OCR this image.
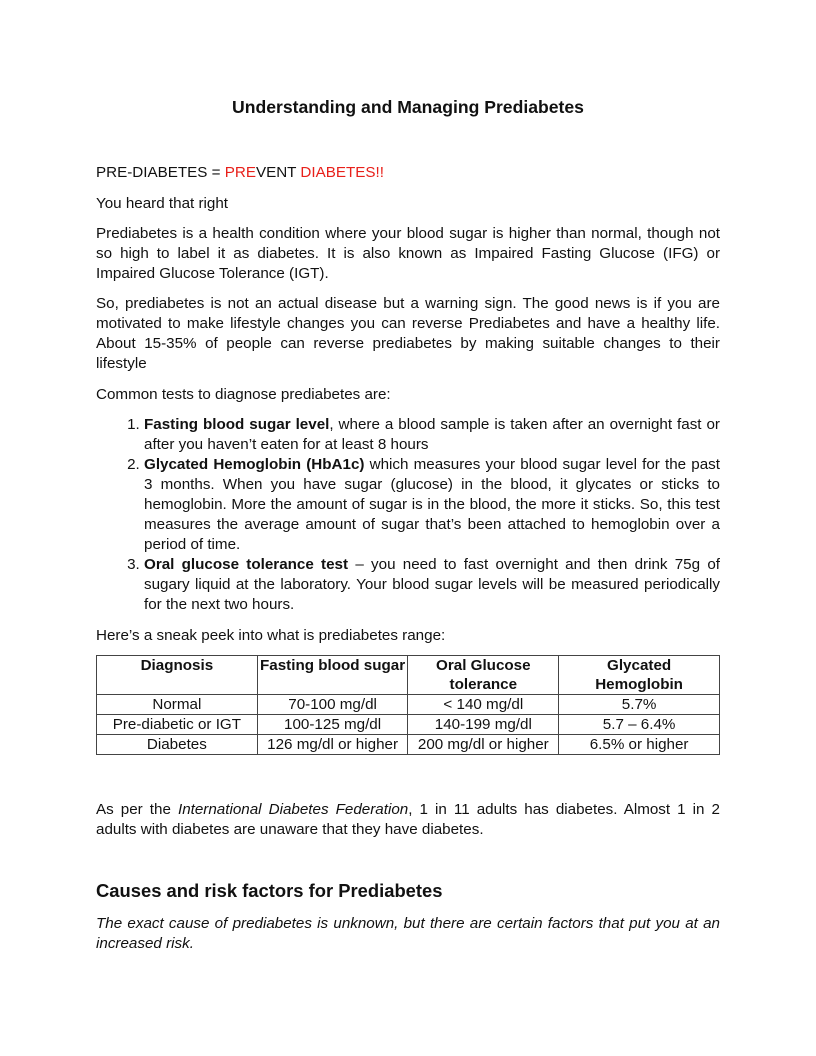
Understanding and Managing Prediabetes

PRE-DIABETES = PREVENT DIABETES!!

You heard that right

Prediabetes is a health condition where your blood sugar is higher than normal, though not so high to label it as diabetes. It is also known as Impaired Fasting Glucose (IFG) or Impaired Glucose Tolerance (IGT).

So, prediabetes is not an actual disease but a warning sign. The good news is if you are motivated to make lifestyle changes you can reverse Prediabetes and have a healthy life. About 15-35% of people can reverse prediabetes by making suitable changes to their lifestyle

Common tests to diagnose prediabetes are:

1. Fasting blood sugar level, where a blood sample is taken after an overnight fast or after you haven’t eaten for at least 8 hours
2. Glycated Hemoglobin (HbA1c) which measures your blood sugar level for the past 3 months. When you have sugar (glucose) in the blood, it glycates or sticks to hemoglobin. More the amount of sugar is in the blood, the more it sticks. So, this test measures the average amount of sugar that’s been attached to hemoglobin over a period of time.
3. Oral glucose tolerance test – you need to fast overnight and then drink 75g of sugary liquid at the laboratory. Your blood sugar levels will be measured periodically for the next two hours.

Here’s a sneak peek into what is prediabetes range:

Diagnosis	Fasting blood sugar	Oral Glucose tolerance	Glycated Hemoglobin
Normal	70-100 mg/dl	< 140 mg/dl	5.7%
Pre-diabetic or IGT	100-125 mg/dl	140-199 mg/dl	5.7 – 6.4%
Diabetes	126 mg/dl or higher	200 mg/dl or higher	6.5% or higher

As per the International Diabetes Federation, 1 in 11 adults has diabetes. Almost 1 in 2 adults with diabetes are unaware that they have diabetes.

Causes and risk factors for Prediabetes

The exact cause of prediabetes is unknown, but there are certain factors that put you at an increased risk.
